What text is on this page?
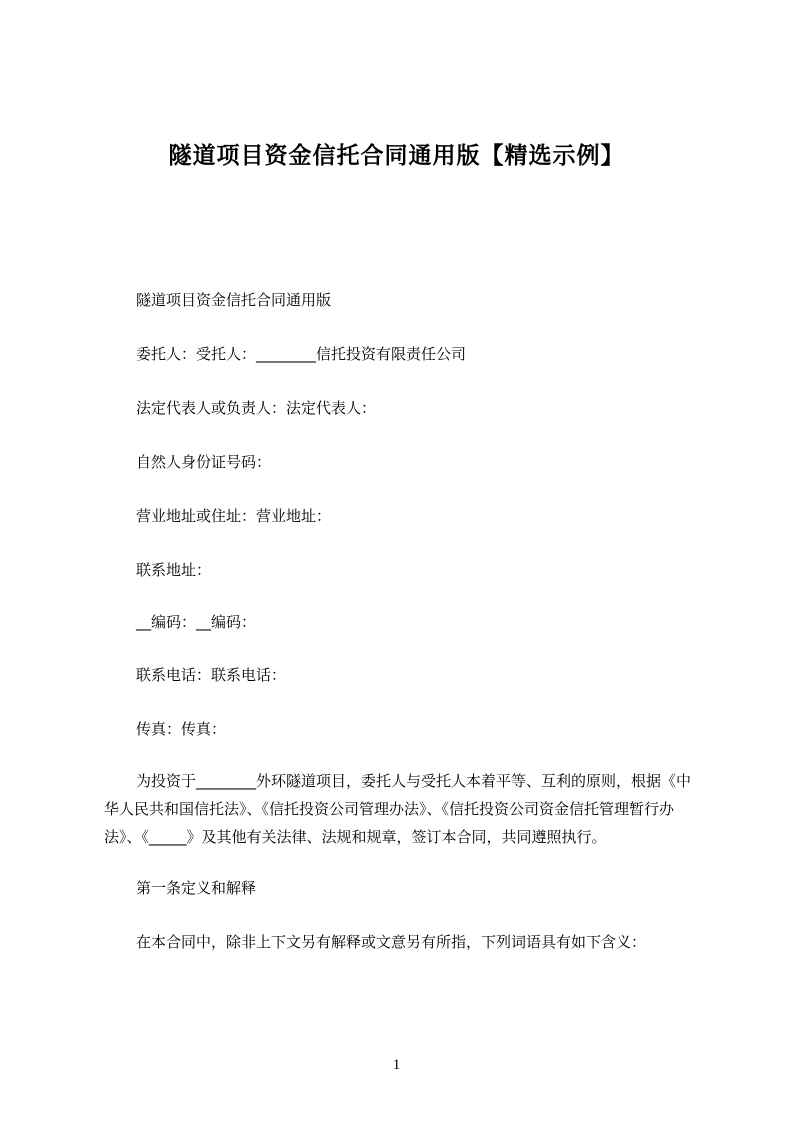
隧道项目资金信托合同通用版【精选示例】
隧道项目资金信托合同通用版
委托人：受托人：________信托投资有限责任公司
法定代表人或负责人：法定代表人：
自然人身份证号码：
营业地址或住址：营业地址：
联系地址：
__编码：__编码：
联系电话：联系电话：
传真：传真：
为投资于________外环隧道项目，委托人与受托人本着平等、互利的原则，根据《中华人民共和国信托法》、《信托投资公司管理办法》、《信托投资公司资金信托管理暂行办法》、《_____》及其他有关法律、法规和规章，签订本合同，共同遵照执行。
第一条定义和解释
在本合同中，除非上下文另有解释或文意另有所指，下列词语具有如下含义：
1
